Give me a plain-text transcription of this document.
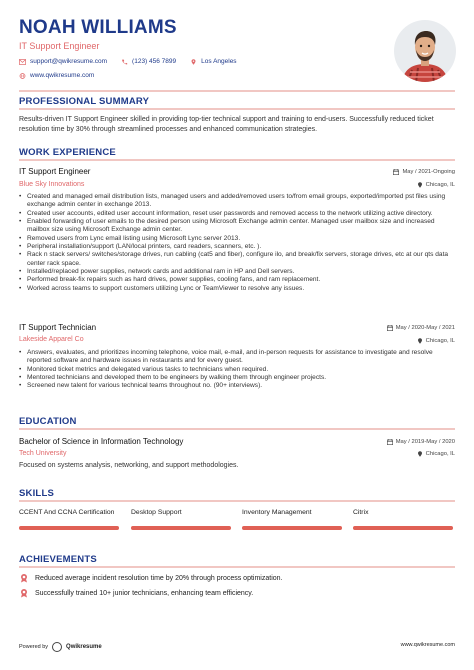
NOAH WILLIAMS
IT Support Engineer
support@qwikresume.com	(123) 456 7899	Los Angeles
www.qwikresume.com
PROFESSIONAL SUMMARY
Results-driven IT Support Engineer skilled in providing top-tier technical support and training to end-users. Successfully reduced ticket resolution time by 30% through streamlined processes and enhanced communication strategies.
WORK EXPERIENCE
IT Support Engineer	May / 2021-Ongoing
Blue Sky Innovations	Chicago, IL
• Created and managed email distribution lists, managed users and added/removed users to/from email groups, exported/imported pst files using exchange admin center in exchange 2013.
• Created user accounts, edited user account information, reset user passwords and removed access to the network utilizing active directory.
• Enabled forwarding of user emails to the desired person using Microsoft Exchange admin center. Managed user mailbox size and increased mailbox size using Microsoft Exchange admin center.
• Removed users from Lync email listing using Microsoft Lync server 2013.
• Peripheral installation/support (LAN/local printers, card readers, scanners, etc. ).
• Rack n stack servers/ switches/storage drives, run cabling (cat5 and fiber), configure ilo, and break/fix servers, storage drives, etc at our qts data center rack space.
• Installed/replaced power supplies, network cards and additional ram in HP and Dell servers.
• Performed break-fix repairs such as hard drives, power supplies, cooling fans, and ram replacement.
• Worked across teams to support customers utilizing Lync or TeamViewer to resolve any issues.
IT Support Technician	May / 2020-May / 2021
Lakeside Apparel Co	Chicago, IL
• Answers, evaluates, and prioritizes incoming telephone, voice mail, e-mail, and in-person requests for assistance to investigate and resolve reported software and hardware issues in restaurants and for every guest.
• Monitored ticket metrics and delegated various tasks to technicians when required.
• Mentored technicians and developed them to be engineers by walking them through engineer projects.
• Screened new talent for various technical teams throughout no. (90+ interviews).
EDUCATION
Bachelor of Science in Information Technology	May / 2019-May / 2020
Tech University	Chicago, IL
Focused on systems analysis, networking, and support methodologies.
SKILLS
CCENT And CCNA Certification	Desktop Support	Inventory Management	Citrix
ACHIEVEMENTS
Reduced average incident resolution time by 20% through process optimization.
Successfully trained 10+ junior technicians, enhancing team efficiency.
Powered by	Qwikresume	www.qwikresume.com
